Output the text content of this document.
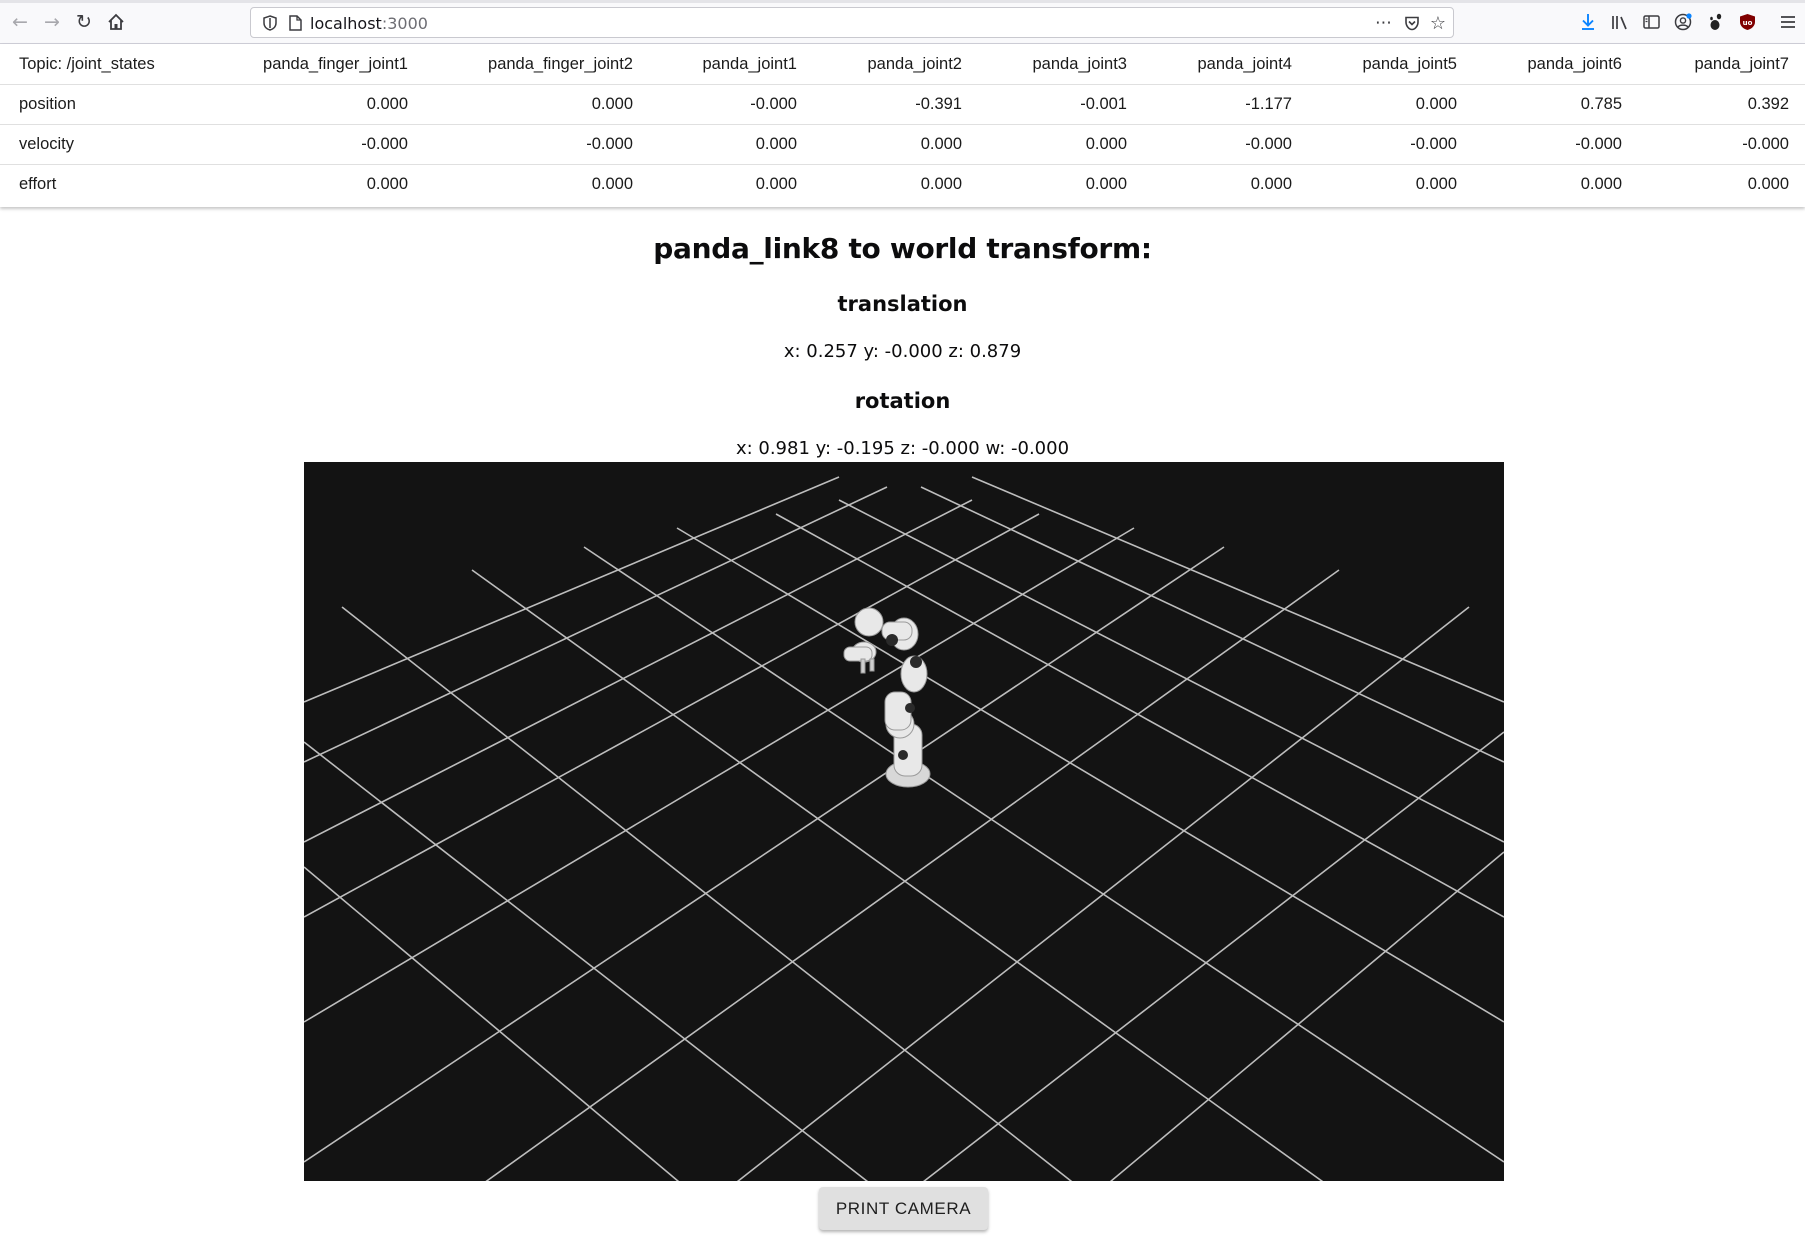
← → ↻	localhost:3000	⋯ ☆	uo
Topic: /joint_states	panda_finger_joint1	panda_finger_joint2	panda_joint1	panda_joint2	panda_joint3	panda_joint4	panda_joint5	panda_joint6	panda_joint7
position	0.000	0.000	-0.000	-0.391	-0.001	-1.177	0.000	0.785	0.392
velocity	-0.000	-0.000	0.000	0.000	0.000	-0.000	-0.000	-0.000	-0.000
effort	0.000	0.000	0.000	0.000	0.000	0.000	0.000	0.000	0.000
panda_link8 to world transform:
translation
x: 0.257 y: -0.000 z: 0.879
rotation
x: 0.981 y: -0.195 z: -0.000 w: -0.000
PRINT CAMERA
